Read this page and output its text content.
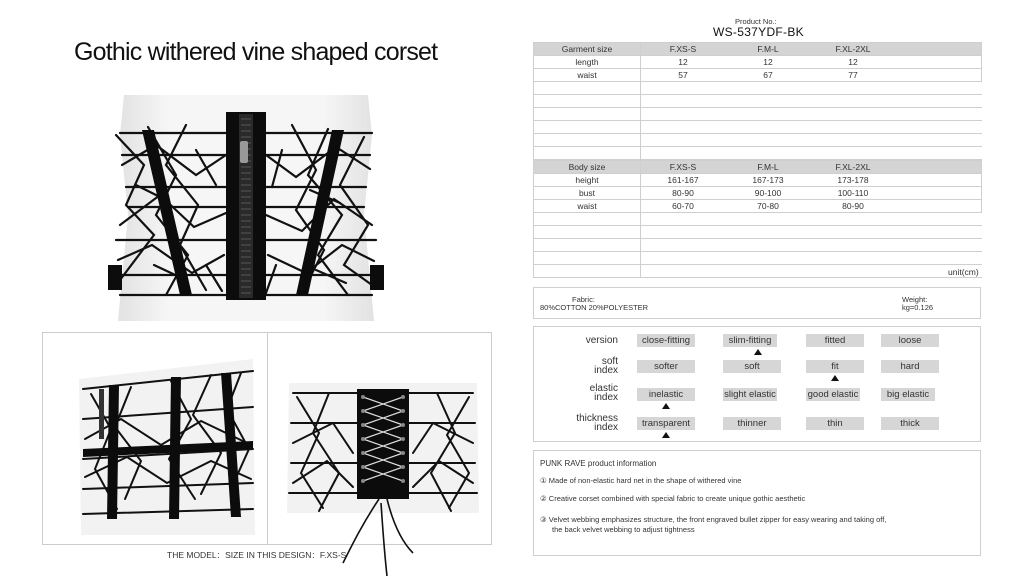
Gothic withered vine shaped corset
THE MODEL：SIZE IN THIS DESIGN：F.XS-S
Product No.:
WS-537YDF-BK
Garment size	F.XS-S	F.M-L	F.XL-2XL	
length	12	12	12	
waist	57	67	77	

Body size	F.XS-S	F.M-L	F.XL-2XL	
height	161-167	167-173	173-178	
bust	80-90	90-100	100-110	
waist	60-70	70-80	80-90	

unit(cm)
Fabric:
80%COTTON 20%POLYESTER
Weight:
kg=0.126
version	close-fitting	slim-fitting	fitted	loose
soft
index	softer	soft	fit	hard
elastic
index	inelastic	slight elastic	good elastic	big elastic
thickness
index	transparent	thinner	thin	thick
PUNK RAVE product information
① Made of non-elastic hard net in the shape of withered vine
② Creative corset combined with special fabric to create unique gothic aesthetic
③ Velvet webbing emphasizes structure, the front engraved bullet zipper for easy wearing and taking off,
the back velvet webbing to adjust tightness
